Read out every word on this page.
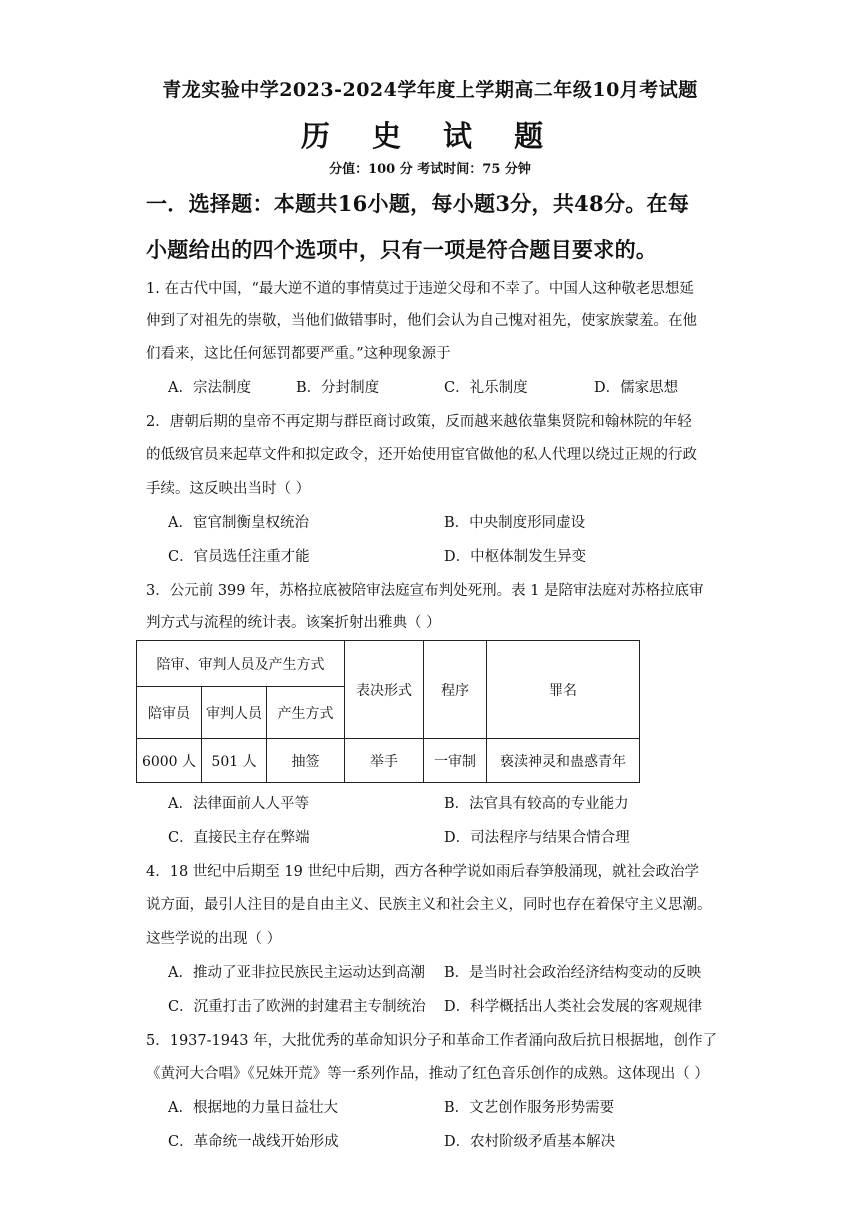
青龙实验中学2023-2024学年度上学期高二年级10月考试题
历 史 试 题
分值：100 分 考试时间：75 分钟
一．选择题：本题共16小题，每小题3分，共48分。在每
小题给出的四个选项中，只有一项是符合题目要求的。
1. 在古代中国，“最大逆不道的事情莫过于违逆父母和不幸了。中国人这种敬老思想延
伸到了对祖先的崇敬，当他们做错事时，他们会认为自己愧对祖先，使家族蒙羞。在他
们看来，这比任何惩罚都要严重。”这种现象源于
A．宗法制度	B．分封制度	C．礼乐制度	D．儒家思想
2．唐朝后期的皇帝不再定期与群臣商讨政策，反而越来越依靠集贤院和翰林院的年轻
的低级官员来起草文件和拟定政令，还开始使用宦官做他的私人代理以绕过正规的行政
手续。这反映出当时（ ）
A．宦官制衡皇权统治	B．中央制度形同虚设
C．官员选任注重才能	D．中枢体制发生异变
3．公元前 399 年，苏格拉底被陪审法庭宣布判处死刑。表 1 是陪审法庭对苏格拉底审
判方式与流程的统计表。该案折射出雅典（ ）
陪审、审判人员及产生方式			表决形式	程序	罪名
陪审员	审判人员	产生方式			
6000 人	501 人	抽签	举手	一审制	亵渎神灵和蛊惑青年
A．法律面前人人平等	B．法官具有较高的专业能力
C．直接民主存在弊端	D．司法程序与结果合情合理
4．18 世纪中后期至 19 世纪中后期，西方各种学说如雨后春笋般涌现，就社会政治学
说方面，最引人注目的是自由主义、民族主义和社会主义，同时也存在着保守主义思潮。
这些学说的出现（ ）
A．推动了亚非拉民族民主运动达到高潮 B．是当时社会政治经济结构变动的反映
C．沉重打击了欧洲的封建君主专制统治 D．科学概括出人类社会发展的客观规律
5．1937-1943 年，大批优秀的革命知识分子和革命工作者涌向敌后抗日根据地，创作了
《黄河大合唱》《兄妹开荒》等一系列作品，推动了红色音乐创作的成熟。这体现出（ ）
A．根据地的力量日益壮大	B．文艺创作服务形势需要
C．革命统一战线开始形成	D．农村阶级矛盾基本解决
